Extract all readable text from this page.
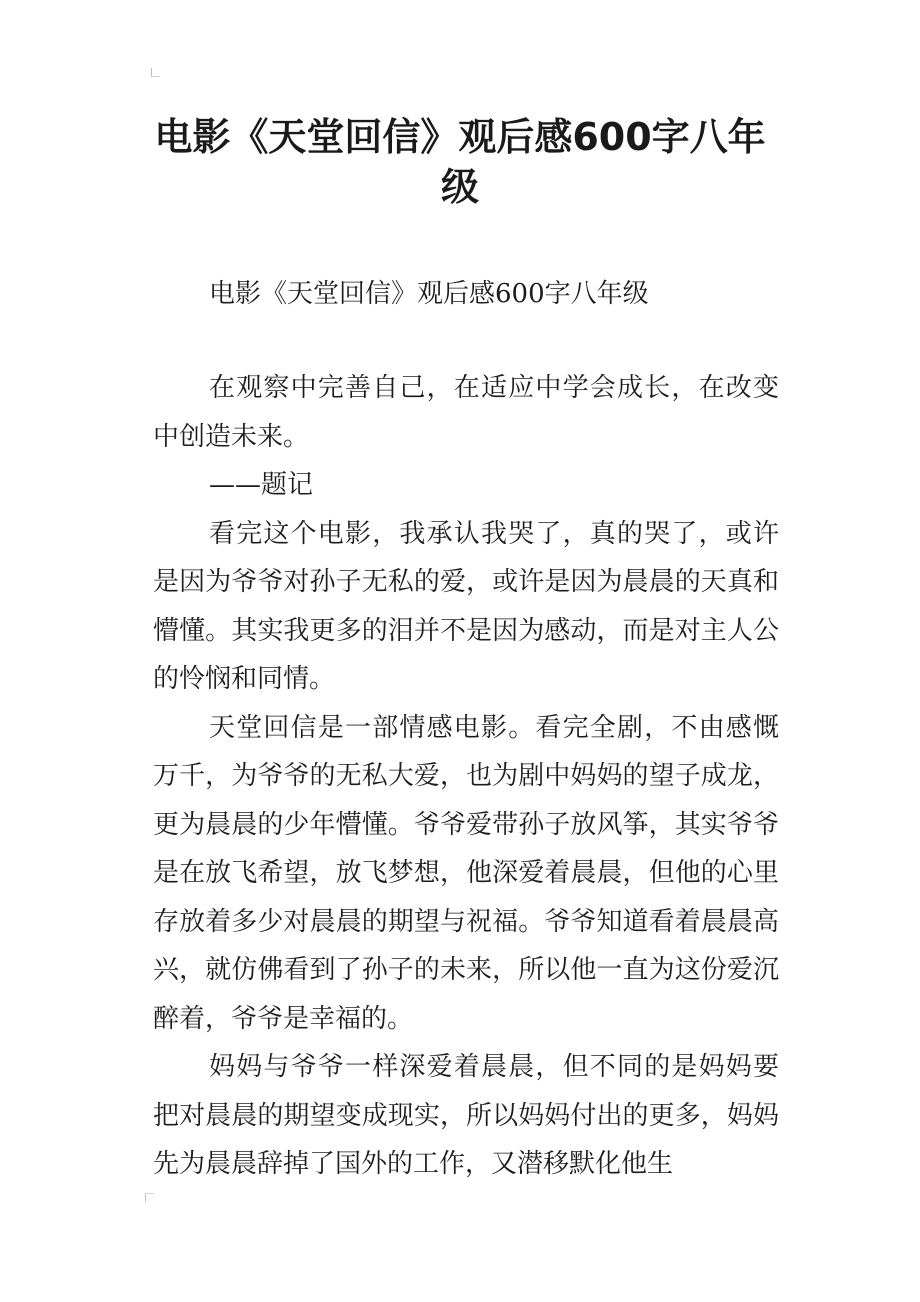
电影《天堂回信》观后感600字八年级

电影《天堂回信》观后感600字八年级

在观察中完善自己，在适应中学会成长，在改变中创造未来。

——题记

看完这个电影，我承认我哭了，真的哭了，或许是因为爷爷对孙子无私的爱，或许是因为晨晨的天真和懵懂。其实我更多的泪并不是因为感动，而是对主人公的怜悯和同情。

天堂回信是一部情感电影。看完全剧，不由感慨万千，为爷爷的无私大爱，也为剧中妈妈的望子成龙，更为晨晨的少年懵懂。爷爷爱带孙子放风筝，其实爷爷是在放飞希望，放飞梦想，他深爱着晨晨，但他的心里存放着多少对晨晨的期望与祝福。爷爷知道看着晨晨高兴，就仿佛看到了孙子的未来，所以他一直为这份爱沉醉着，爷爷是幸福的。

妈妈与爷爷一样深爱着晨晨，但不同的是妈妈要把对晨晨的期望变成现实，所以妈妈付出的更多，妈妈先为晨晨辞掉了国外的工作，又潜移默化他生
